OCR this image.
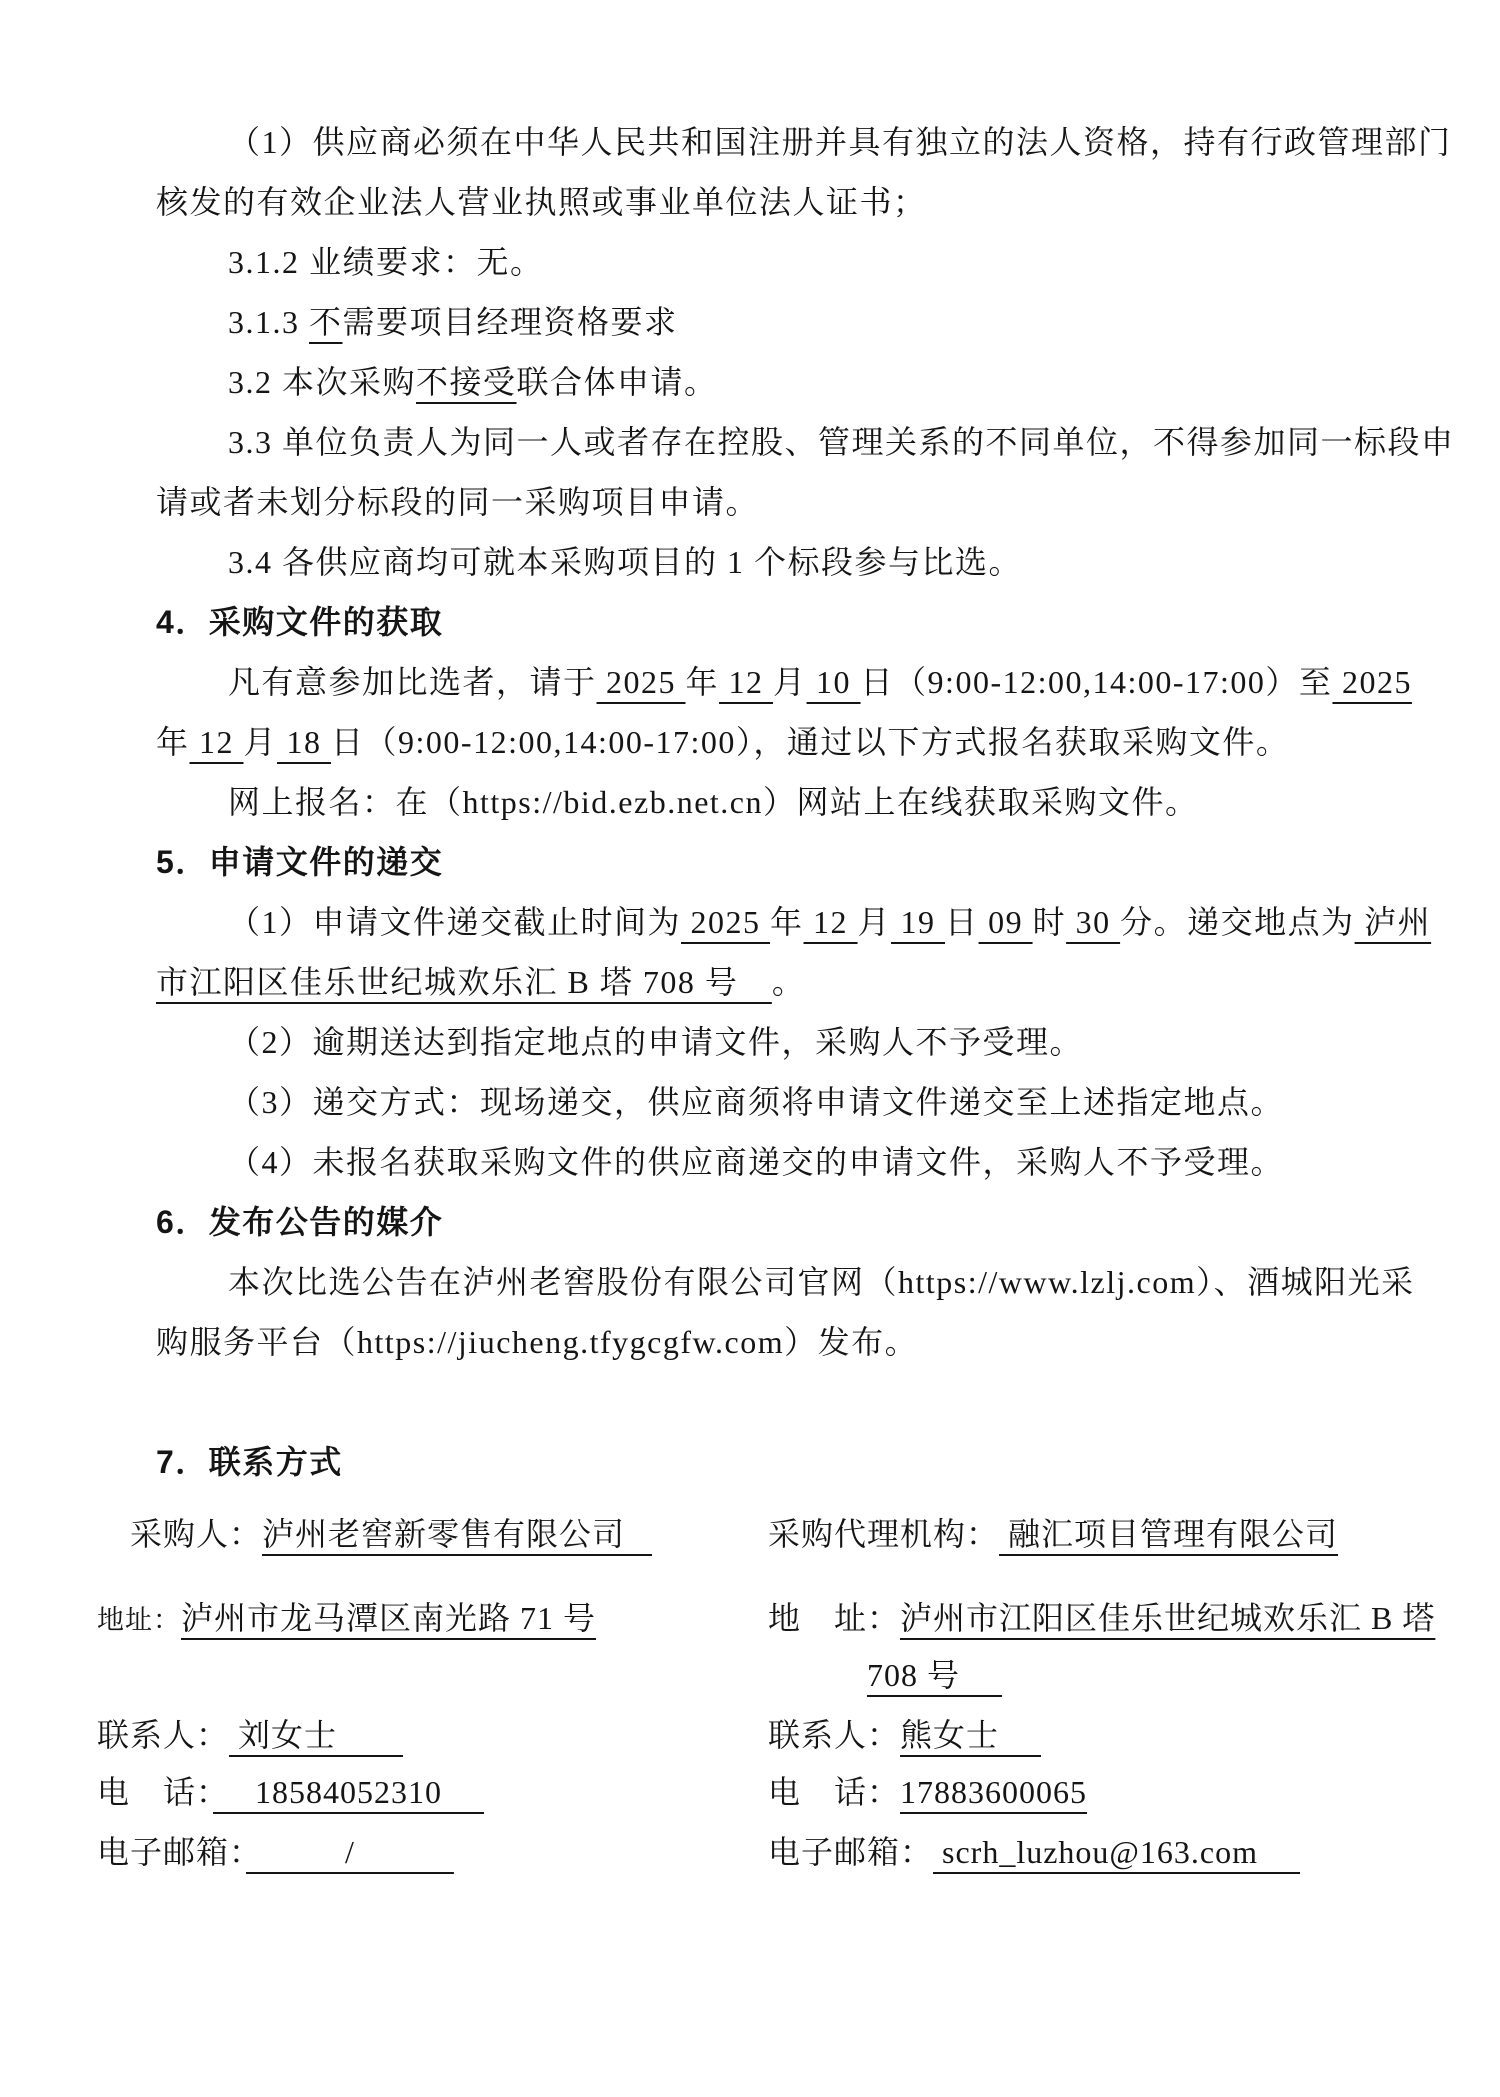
（1）供应商必须在中华人民共和国注册并具有独立的法人资格，持有行政管理部门

核发的有效企业法人营业执照或事业单位法人证书；

3.1.2 业绩要求：无。

3.1.3 不需要项目经理资格要求

3.2 本次采购不接受联合体申请。

3.3 单位负责人为同一人或者存在控股、管理关系的不同单位，不得参加同一标段申

请或者未划分标段的同一采购项目申请。

3.4 各供应商均可就本采购项目的 1 个标段参与比选。

4．采购文件的获取

凡有意参加比选者，请于 2025 年 12 月 10 日（9:00-12:00,14:00-17:00）至 2025

年 12 月 18 日（9:00-12:00,14:00-17:00），通过以下方式报名获取采购文件。

网上报名：在（https://bid.ezb.net.cn）网站上在线获取采购文件。

5．申请文件的递交

（1）申请文件递交截止时间为 2025 年 12 月 19 日 09 时 30 分。递交地点为 泸州

市江阳区佳乐世纪城欢乐汇 B 塔 708 号　。

（2）逾期送达到指定地点的申请文件，采购人不予受理。

（3）递交方式：现场递交，供应商须将申请文件递交至上述指定地点。

（4）未报名获取采购文件的供应商递交的申请文件，采购人不予受理。

6．发布公告的媒介

本次比选公告在泸州老窖股份有限公司官网（https://www.lzlj.com）、酒城阳光采

购服务平台（https://jiucheng.tfygcgfw.com）发布。

7．联系方式
采购人：泸州老窖新零售有限公司	采购代理机构： 融汇项目管理有限公司
地址：泸州市龙马潭区南光路 71 号	地　址：泸州市江阳区佳乐世纪城欢乐汇 B 塔
708 号　
联系人： 刘女士　　	联系人：熊女士　
电　话：　 18584052310　	电　话：17883600065
电子邮箱：　　　/　　　	电子邮箱： scrh_luzhou@163.com　
